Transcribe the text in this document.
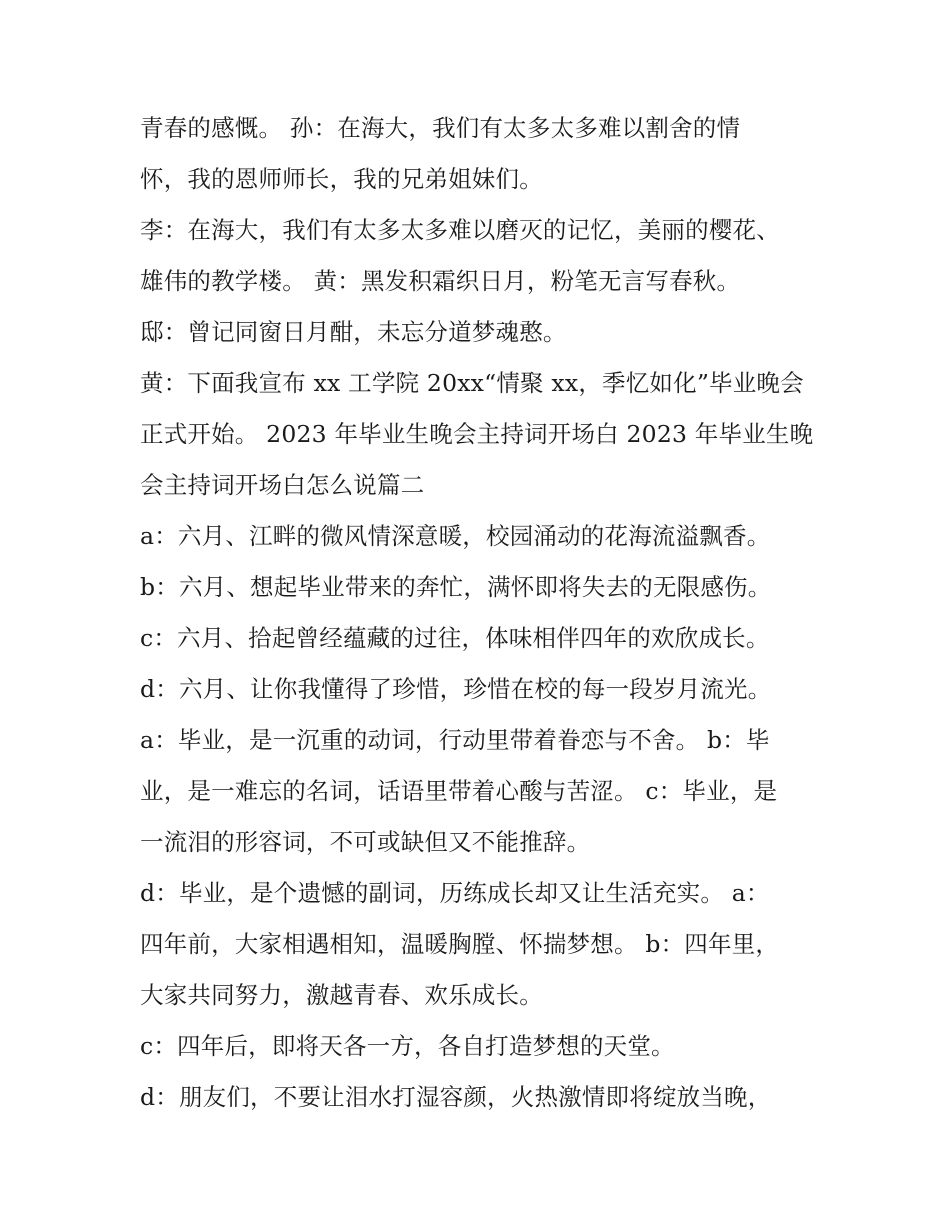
青春的感慨。 孙：在海大，我们有太多太多难以割舍的情
怀，我的恩师师长，我的兄弟姐妹们。
李：在海大，我们有太多太多难以磨灭的记忆，美丽的樱花、
雄伟的教学楼。 黄：黑发积霜织日月，粉笔无言写春秋。
邸：曾记同窗日月酣，未忘分道梦魂憨。
黄：下面我宣布 xx 工学院 20xx“情聚 xx，季忆如化”毕业晚会
正式开始。 2023 年毕业生晚会主持词开场白 2023 年毕业生晚
会主持词开场白怎么说篇二
a：六月、江畔的微风情深意暖，校园涌动的花海流溢飘香。
b：六月、想起毕业带来的奔忙，满怀即将失去的无限感伤。
c：六月、拾起曾经蕴藏的过往，体味相伴四年的欢欣成长。
d：六月、让你我懂得了珍惜，珍惜在校的每一段岁月流光。
a：毕业，是一沉重的动词，行动里带着眷恋与不舍。 b：毕
业，是一难忘的名词，话语里带着心酸与苦涩。 c：毕业，是
一流泪的形容词，不可或缺但又不能推辞。
d：毕业，是个遗憾的副词，历练成长却又让生活充实。 a：
四年前，大家相遇相知，温暖胸膛、怀揣梦想。 b：四年里，
大家共同努力，激越青春、欢乐成长。
c：四年后，即将天各一方，各自打造梦想的天堂。
d：朋友们，不要让泪水打湿容颜，火热激情即将绽放当晚，
